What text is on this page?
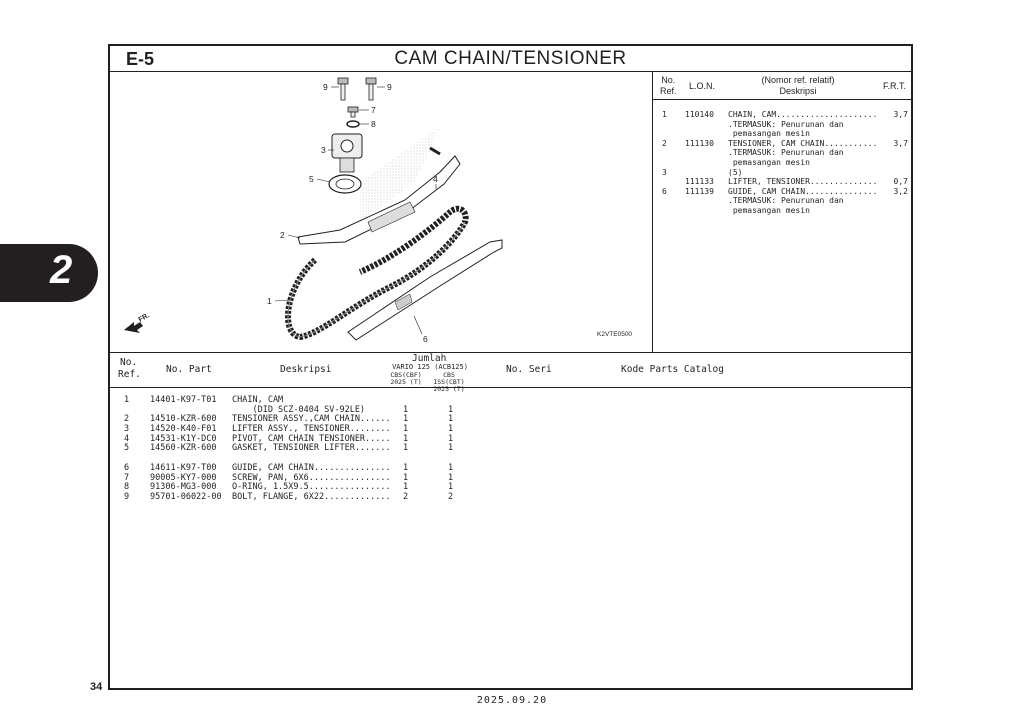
2
E-5	CAM CHAIN/TENSIONER
9	9
7
8
3
4
5
2
1
6
FR.
K2VTE0500
No.
Ref. L.O.N.
(Nomor ref. relatif)
Deskripsi	F.R.T.
1 110140 CHAIN, CAM..................... 3,7
.TERMASUK: Penurunan dan
pemasangan mesin
2 111130 TENSIONER, CAM CHAIN........... 3,7
.TERMASUK: Penurunan dan
pemasangan mesin
3	(5)
111133 LIFTER, TENSIONER.............. 0,7
6 111139 GUIDE, CAM CHAIN............... 3,2
.TERMASUK: Penurunan dan
pemasangan mesin
No.
Ref.	No. Part	Deskripsi
Jumlah
VARIO 125 (ACB125)
CBS(CBF)
2025 (T)
CBS ISS(CBT)
2025 (T)
No. Seri	Kode Parts Catalog
1 14401-K97-T01 CHAIN, CAM
(DID SCZ-0404 SV-92LE)	1	1
2 14510-KZR-600 TENSIONER ASSY.,CAM CHAIN...... 1	1
3 14520-K40-F01 LIFTER ASSY., TENSIONER........ 1	1
4 14531-K1Y-DC0 PIVOT, CAM CHAIN TENSIONER..... 1	1
5 14560-KZR-600 GASKET, TENSIONER LIFTER....... 1	1
6 14611-K97-T00 GUIDE, CAM CHAIN............... 1	1
7 90005-KY7-000 SCREW, PAN, 6X6................ 1	1
8 91306-MG3-000 O-RING, 1.5X9.5................ 1	1
9 95701-06022-00 BOLT, FLANGE, 6X22............. 2	2
34
2025.09.20
